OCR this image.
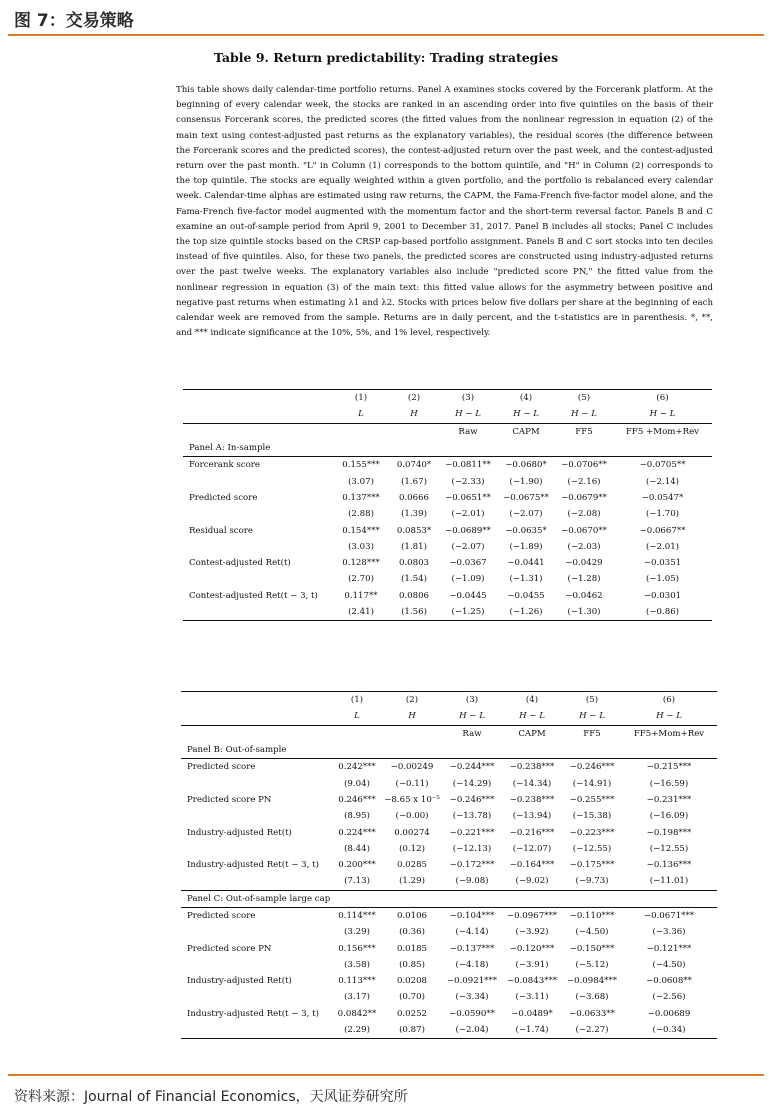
图 7：交易策略
Table 9. Return predictability: Trading strategies
This table shows daily calendar-time portfolio returns. Panel A examines stocks covered by the Forcerank platform. At the beginning of every calendar week, the stocks are ranked in an ascending order into five quintiles on the basis of their consensus Forcerank scores, the predicted scores (the fitted values from the nonlinear regression in equation (2) of the main text using contest-adjusted past returns as the explanatory variables), the residual scores (the difference between the Forcerank scores and the predicted scores), the contest-adjusted return over the past week, and the contest-adjusted return over the past month. "L" in Column (1) corresponds to the bottom quintile, and "H" in Column (2) corresponds to the top quintile. The stocks are equally weighted within a given portfolio, and the portfolio is rebalanced every calendar week. Calendar-time alphas are estimated using raw returns, the CAPM, the Fama-French five-factor model alone, and the Fama-French five-factor model augmented with the momentum factor and the short-term reversal factor. Panels B and C examine an out-of-sample period from April 9, 2001 to December 31, 2017. Panel B includes all stocks; Panel C includes the top size quintile stocks based on the CRSP cap-based portfolio assignment. Panels B and C sort stocks into ten deciles instead of five quintiles. Also, for these two panels, the predicted scores are constructed using industry-adjusted returns over the past twelve weeks. The explanatory variables also include "predicted score PN," the fitted value from the nonlinear regression in equation (3) of the main text: this fitted value allows for the asymmetry between positive and negative past returns when estimating λ1 and λ2. Stocks with prices below five dollars per share at the beginning of each calendar week are removed from the sample. Returns are in daily percent, and the t-statistics are in parenthesis. *, **, and *** indicate significance at the 10%, 5%, and 1% level, respectively.
	(1)	(2)	(3)	(4)	(5)	(6)
	L	H	H − L	H − L	H − L	H − L
			Raw	CAPM	FF5	FF5 +Mom+Rev
Panel A: In-sample						
Forcerank score	0.155***	0.0740*	−0.0811**	−0.0680*	−0.0706**	−0.0705**
	(3.07)	(1.67)	(−2.33)	(−1.90)	(−2.16)	(−2.14)
Predicted score	0.137***	0.0666	−0.0651**	−0.0675**	−0.0679**	−0.0547*
	(2.88)	(1.39)	(−2.01)	(−2.07)	(−2.08)	(−1.70)
Residual score	0.154***	0.0853*	−0.0689**	−0.0635*	−0.0670**	−0.0667**
	(3.03)	(1.81)	(−2.07)	(−1.89)	(−2.03)	(−2.01)
Contest-adjusted Ret(t)	0.128***	0.0803	−0.0367	−0.0441	−0.0429	−0.0351
	(2.70)	(1.54)	(−1.09)	(−1.31)	(−1.28)	(−1.05)
Contest-adjusted Ret(t − 3, t)	0.117**	0.0806	−0.0445	−0.0455	−0.0462	−0.0301
	(2.41)	(1.56)	(−1.25)	(−1.26)	(−1.30)	(−0.86)
	(1)	(2)	(3)	(4)	(5)	(6)
	L	H	H − L	H − L	H − L	H − L
			Raw	CAPM	FF5	FF5+Mom+Rev
Panel B: Out-of-sample						
Predicted score	0.242***	−0.00249	−0.244***	−0.238***	−0.246***	−0.215***
	(9.04)	(−0.11)	(−14.29)	(−14.34)	(−14.91)	(−16.59)
Predicted score PN	0.246***	−8.65 x 10⁻⁵	−0.246***	−0.238***	−0.255***	−0.231***
	(8.95)	(−0.00)	(−13.78)	(−13.94)	(−15.38)	(−16.09)
Industry-adjusted Ret(t)	0.224***	0.00274	−0.221***	−0.216***	−0.223***	−0.198***
	(8.44)	(0.12)	(−12.13)	(−12.07)	(−12.55)	(−12.55)
Industry-adjusted Ret(t − 3, t)	0.200***	0.0285	−0.172***	−0.164***	−0.175***	−0.136***
	(7.13)	(1.29)	(−9.08)	(−9.02)	(−9.73)	(−11.01)
Panel C: Out-of-sample large cap						
Predicted score	0.114***	0.0106	−0.104***	−0.0967***	−0.110***	−0.0671***
	(3.29)	(0.36)	(−4.14)	(−3.92)	(−4.50)	(−3.36)
Predicted score PN	0.156***	0.0185	−0.137***	−0.120***	−0.150***	−0.121***
	(3.58)	(0.85)	(−4.18)	(−3.91)	(−5.12)	(−4.50)
Industry-adjusted Ret(t)	0.113***	0.0208	−0.0921***	−0.0843***	−0.0984***	−0.0608**
	(3.17)	(0.70)	(−3.34)	(−3.11)	(−3.68)	(−2.56)
Industry-adjusted Ret(t − 3, t)	0.0842**	0.0252	−0.0590**	−0.0489*	−0.0633**	−0.00689
	(2.29)	(0.87)	(−2.04)	(−1.74)	(−2.27)	(−0.34)
资料来源：Journal of Financial Economics，天风证券研究所
